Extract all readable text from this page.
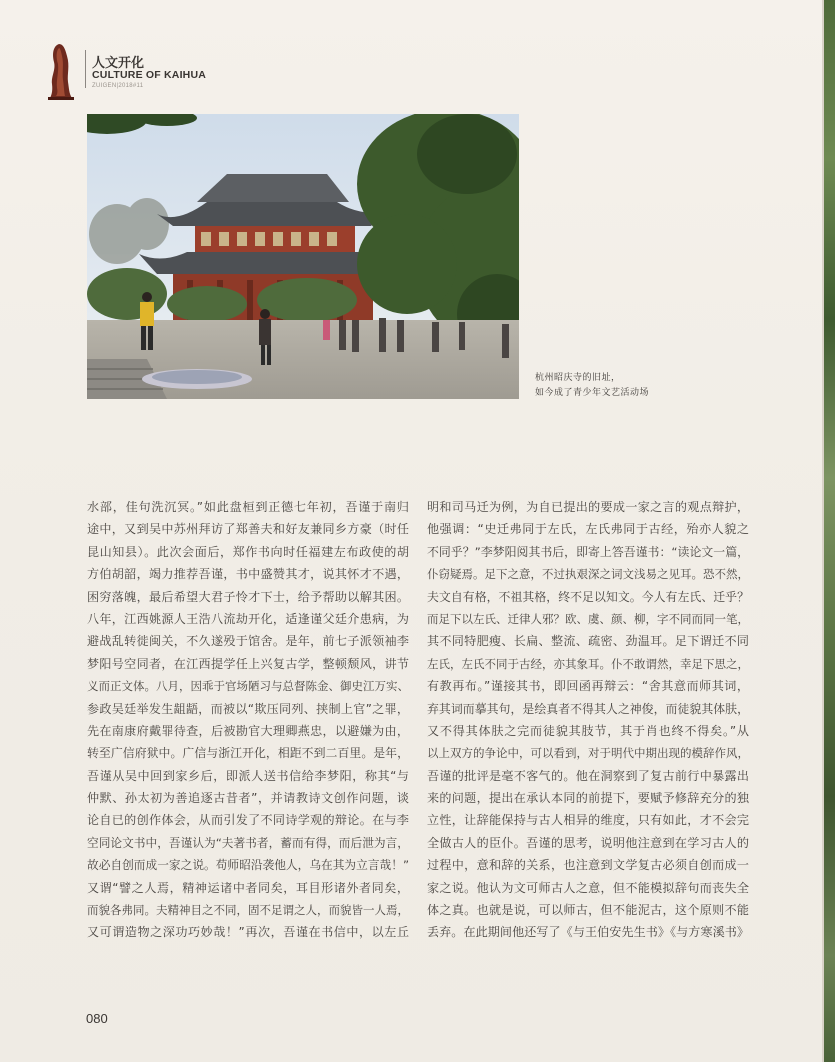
人文开化
CULTURE OF KAIHUA
ZUIGEN|2018#11
杭州昭庆寺的旧址，
如今成了青少年文艺活动场
水部，佳句洗沉冥。”如此盘桓到正德七年初，吾谨于南归
途中，又到吴中苏州拜访了郑善夫和好友兼同乡方豪（时任
昆山知县）。此次会面后，郑作书向时任福建左布政使的胡
方伯胡韶，竭力推荐吾谨，书中盛赞其才，说其怀才不遇，
困穷落魄，最后希望大君子怜才下士，给予帮助以解其困。
八年，江西姚源人王浩八流劫开化，适逢谨父廷介患病，为
避战乱转徙闽关，不久遂殁于馆舍。是年，前七子派领袖李
梦阳号空同者，在江西提学任上兴复古学，整顿颓风，讲节
义而正文体。八月，因乖于官场陋习与总督陈金、御史江万实、
参政吴廷举发生龃龉，而被以“欺压同列、挟制上官”之罪，
先在南康府戴罪待查，后被勘官大理卿燕忠，以避嫌为由，
转至广信府狱中。广信与浙江开化，相距不到二百里。是年，
吾谨从吴中回到家乡后，即派人送书信给李梦阳，称其“与
仲默、孙太初为善追逐古昔者”，并请教诗文创作问题，谈
论自已的创作体会，从而引发了不同诗学观的辩论。在与李
空同论文书中，吾谨认为“夫著书者，蓄而有得，而后泄为言，
故必自创而成一家之说。苟师昭沿袭他人，乌在其为立言哉！”
又谓“譬之人焉，精神运诸中者同矣，耳目形诸外者同矣，
而貌各弗同。夫精神目之不同，固不足谓之人，而貌皆一人焉，
又可谓造物之深功巧妙哉！”再次，吾谨在书信中，以左丘
明和司马迁为例，为自已提出的要成一家之言的观点辩护，
他强调：“史迁弗同于左氏，左氏弗同于古经，殆亦人貌之
不同乎？”李梦阳阅其书后，即寄上答吾谨书：“读论文一篇，
仆窃疑焉。足下之意，不过执艰深之词文浅易之见耳。恐不然，
夫文自有格，不祖其格，终不足以知文。今人有左氏、迁乎？
而足下以左氏、迁律人邪？欧、虞、颜、柳，字不同而同一笔，
其不同特肥瘦、长扁、整流、疏密、劲温耳。足下谓迁不同
左氏，左氏不同于古经，亦其象耳。仆不敢谓然，幸足下思之，
有教再布。”谨接其书，即回函再辩云：“舍其意而师其词，
弃其词而摹其句，是绘真者不得其人之神俊，而徒貌其体肤，
又不得其体肤之完而徒貌其肢节，其于肖也终不得矣。”从
以上双方的争论中，可以看到，对于明代中期出现的模辞作风，
吾谨的批评是毫不客气的。他在洞察到了复古前行中暴露出
来的问题，提出在承认本同的前提下，要赋予修辞充分的独
立性，让辞能保持与古人相异的维度，只有如此，才不会完
全做古人的臣仆。吾谨的思考，说明他注意到在学习古人的
过程中，意和辞的关系，也注意到文学复古必须自创而成一
家之说。他认为文可师古人之意，但不能模拟辞句而丧失全
体之真。也就是说，可以师古，但不能泥古，这个原则不能
丢弃。在此期间他还写了《与王伯安先生书》《与方寒溪书》
080
